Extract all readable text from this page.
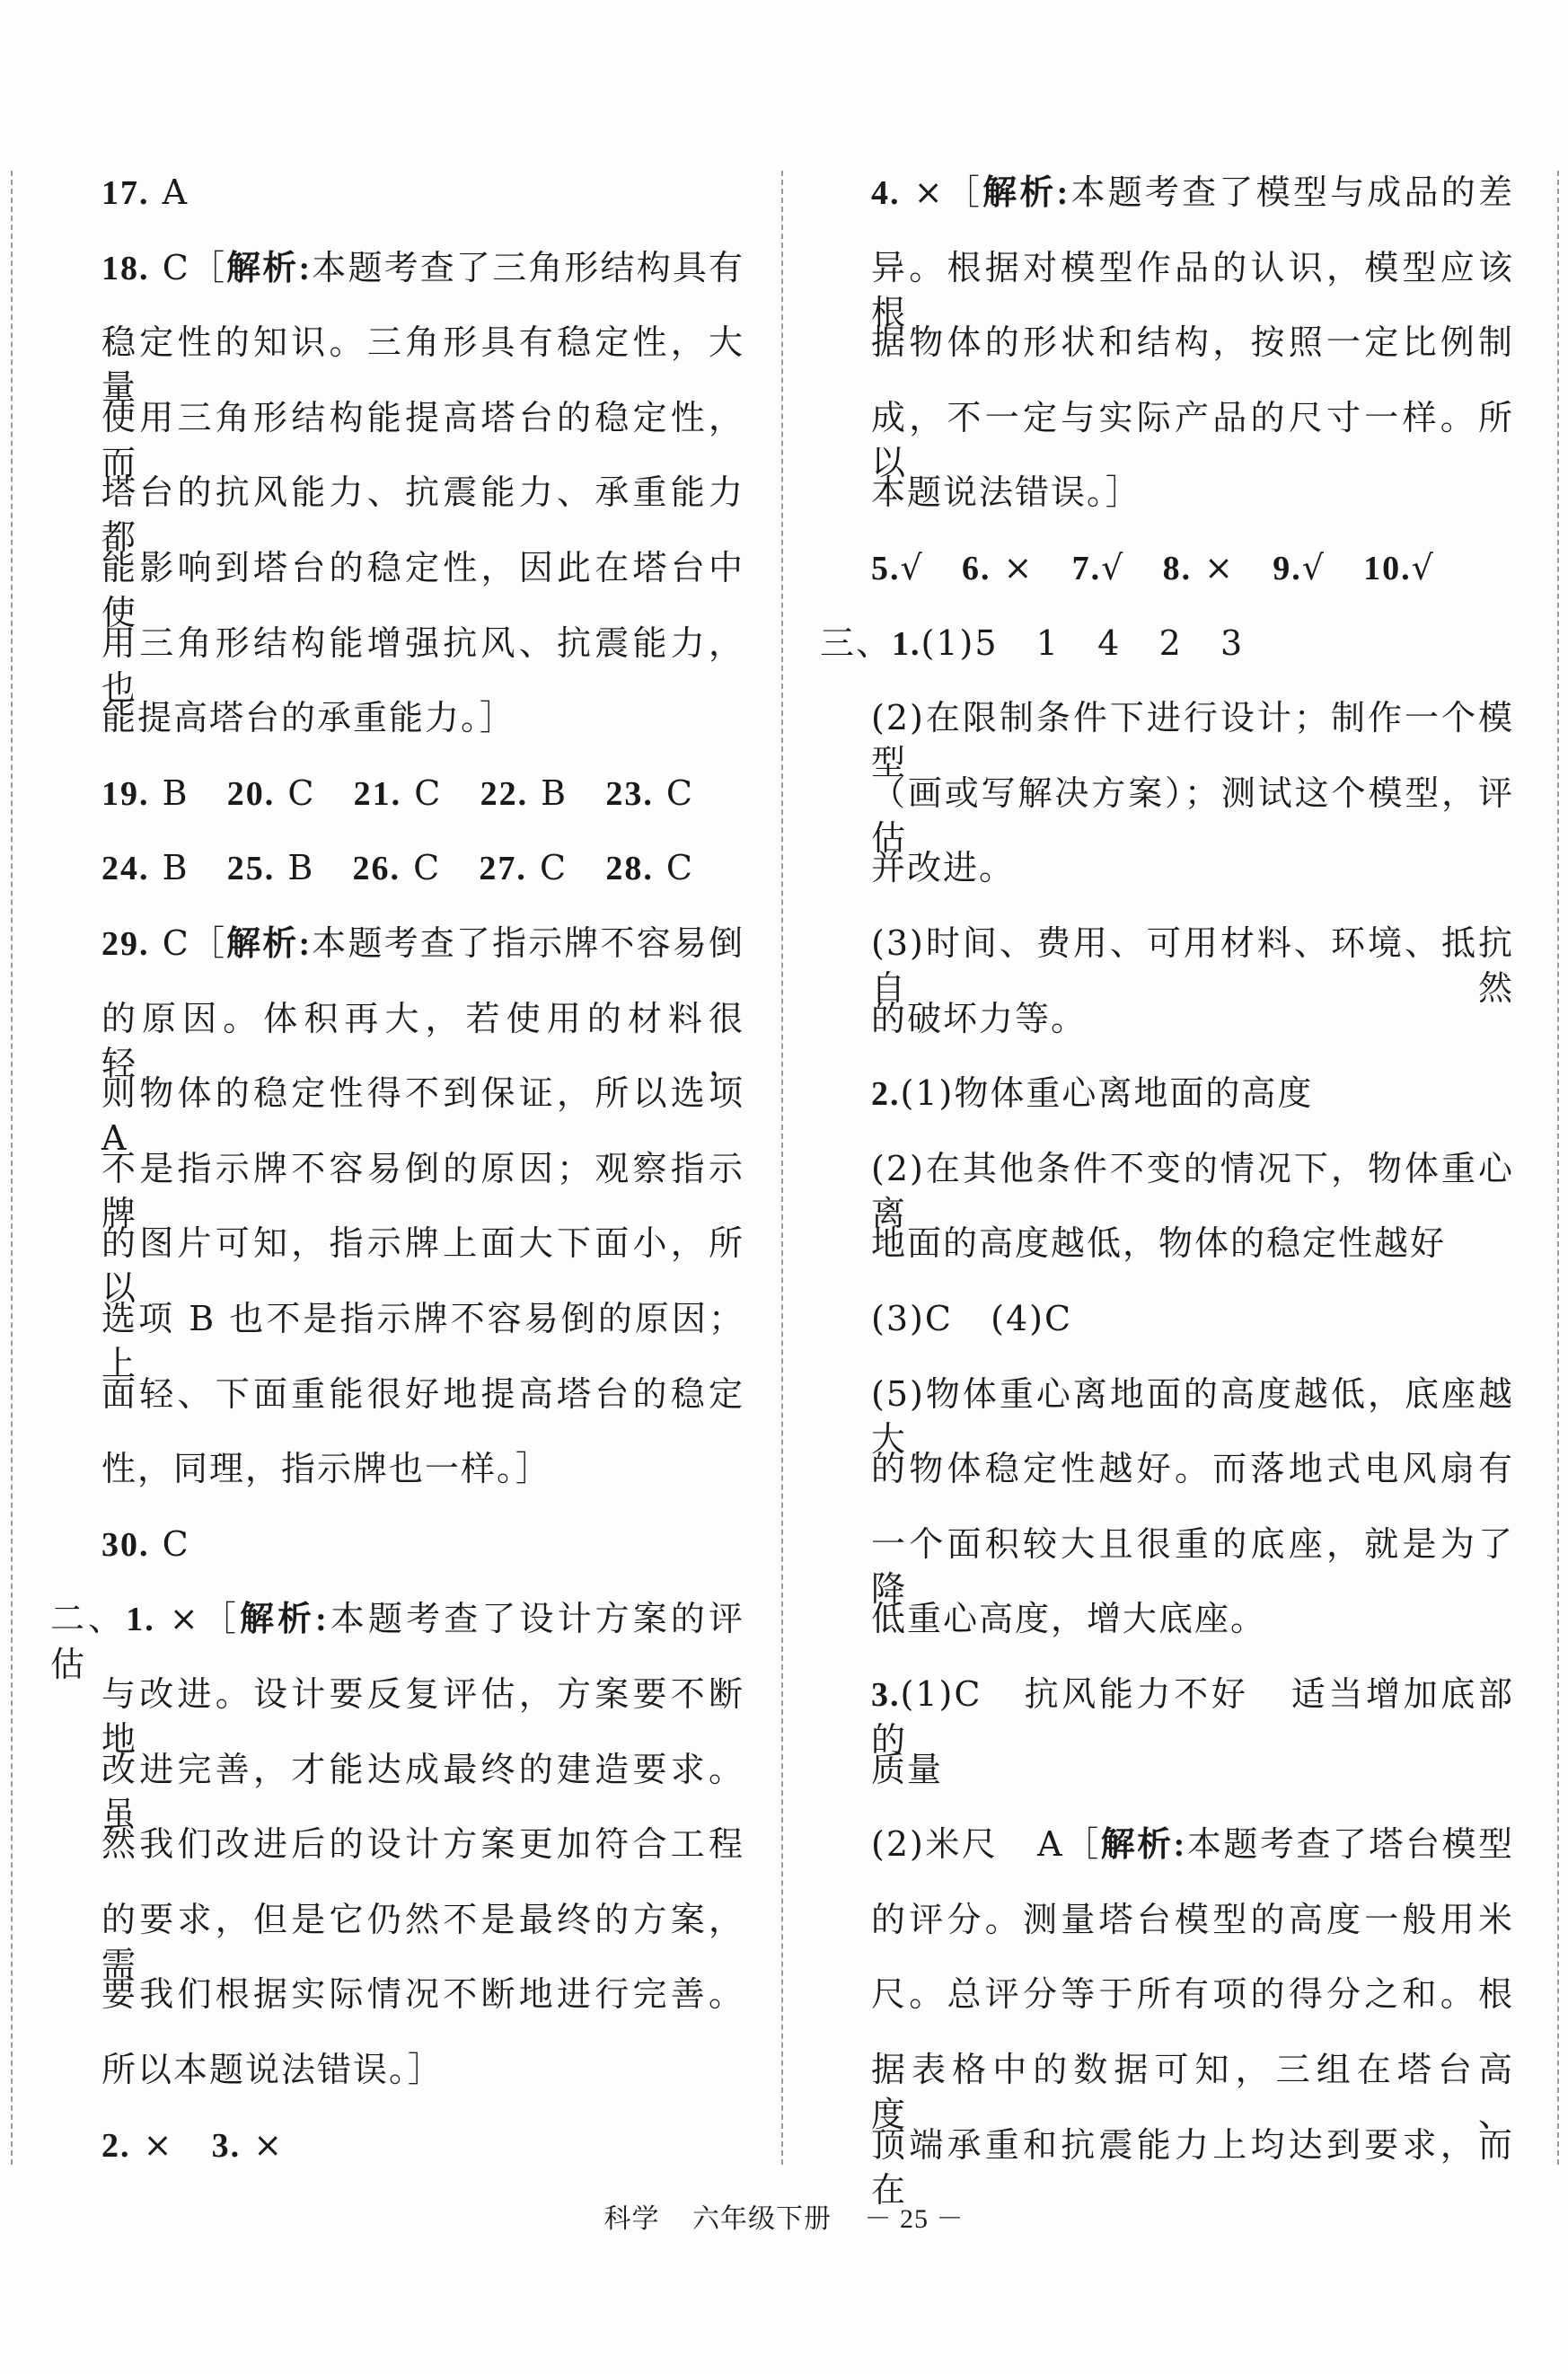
17. A
18. C［解析:本题考查了三角形结构具有
稳定性的知识。三角形具有稳定性，大量
使用三角形结构能提高塔台的稳定性，而
塔台的抗风能力、抗震能力、承重能力都
能影响到塔台的稳定性，因此在塔台中使
用三角形结构能增强抗风、抗震能力，也
能提高塔台的承重能力。］
19. B   20. C   21. C   22. B   23. C
24. B   25. B   26. C   27. C   28. C
29. C［解析:本题考查了指示牌不容易倒
的原因。体积再大，若使用的材料很轻，
则物体的稳定性得不到保证，所以选项 A
不是指示牌不容易倒的原因；观察指示牌
的图片可知，指示牌上面大下面小，所以
选项 B 也不是指示牌不容易倒的原因；上
面轻、下面重能很好地提高塔台的稳定
性，同理，指示牌也一样。］
30. C
二、1. ×［解析:本题考查了设计方案的评估
与改进。设计要反复评估，方案要不断地
改进完善，才能达成最终的建造要求。虽
然我们改进后的设计方案更加符合工程
的要求，但是它仍然不是最终的方案，需
要我们根据实际情况不断地进行完善。
所以本题说法错误。］
2. ×   3. ×
4. ×［解析:本题考查了模型与成品的差
异。根据对模型作品的认识，模型应该根
据物体的形状和结构，按照一定比例制
成，不一定与实际产品的尺寸一样。所以
本题说法错误。］
5.√   6. ×   7.√   8. ×   9.√   10.√
三、1.(1)5   1   4   2   3
(2)在限制条件下进行设计；制作一个模型
（画或写解决方案）；测试这个模型，评估
并改进。
(3)时间、费用、可用材料、环境、抵抗自然
的破坏力等。
2.(1)物体重心离地面的高度
(2)在其他条件不变的情况下，物体重心离
地面的高度越低，物体的稳定性越好
(3)C   (4)C
(5)物体重心离地面的高度越低，底座越大
的物体稳定性越好。而落地式电风扇有
一个面积较大且很重的底座，就是为了降
低重心高度，增大底座。
3.(1)C   抗风能力不好   适当增加底部的
质量
(2)米尺   A［解析:本题考查了塔台模型
的评分。测量塔台模型的高度一般用米
尺。总评分等于所有项的得分之和。根
据表格中的数据可知，三组在塔台高度、
顶端承重和抗震能力上均达到要求，而在
科学 六年级下册 － 25 －
